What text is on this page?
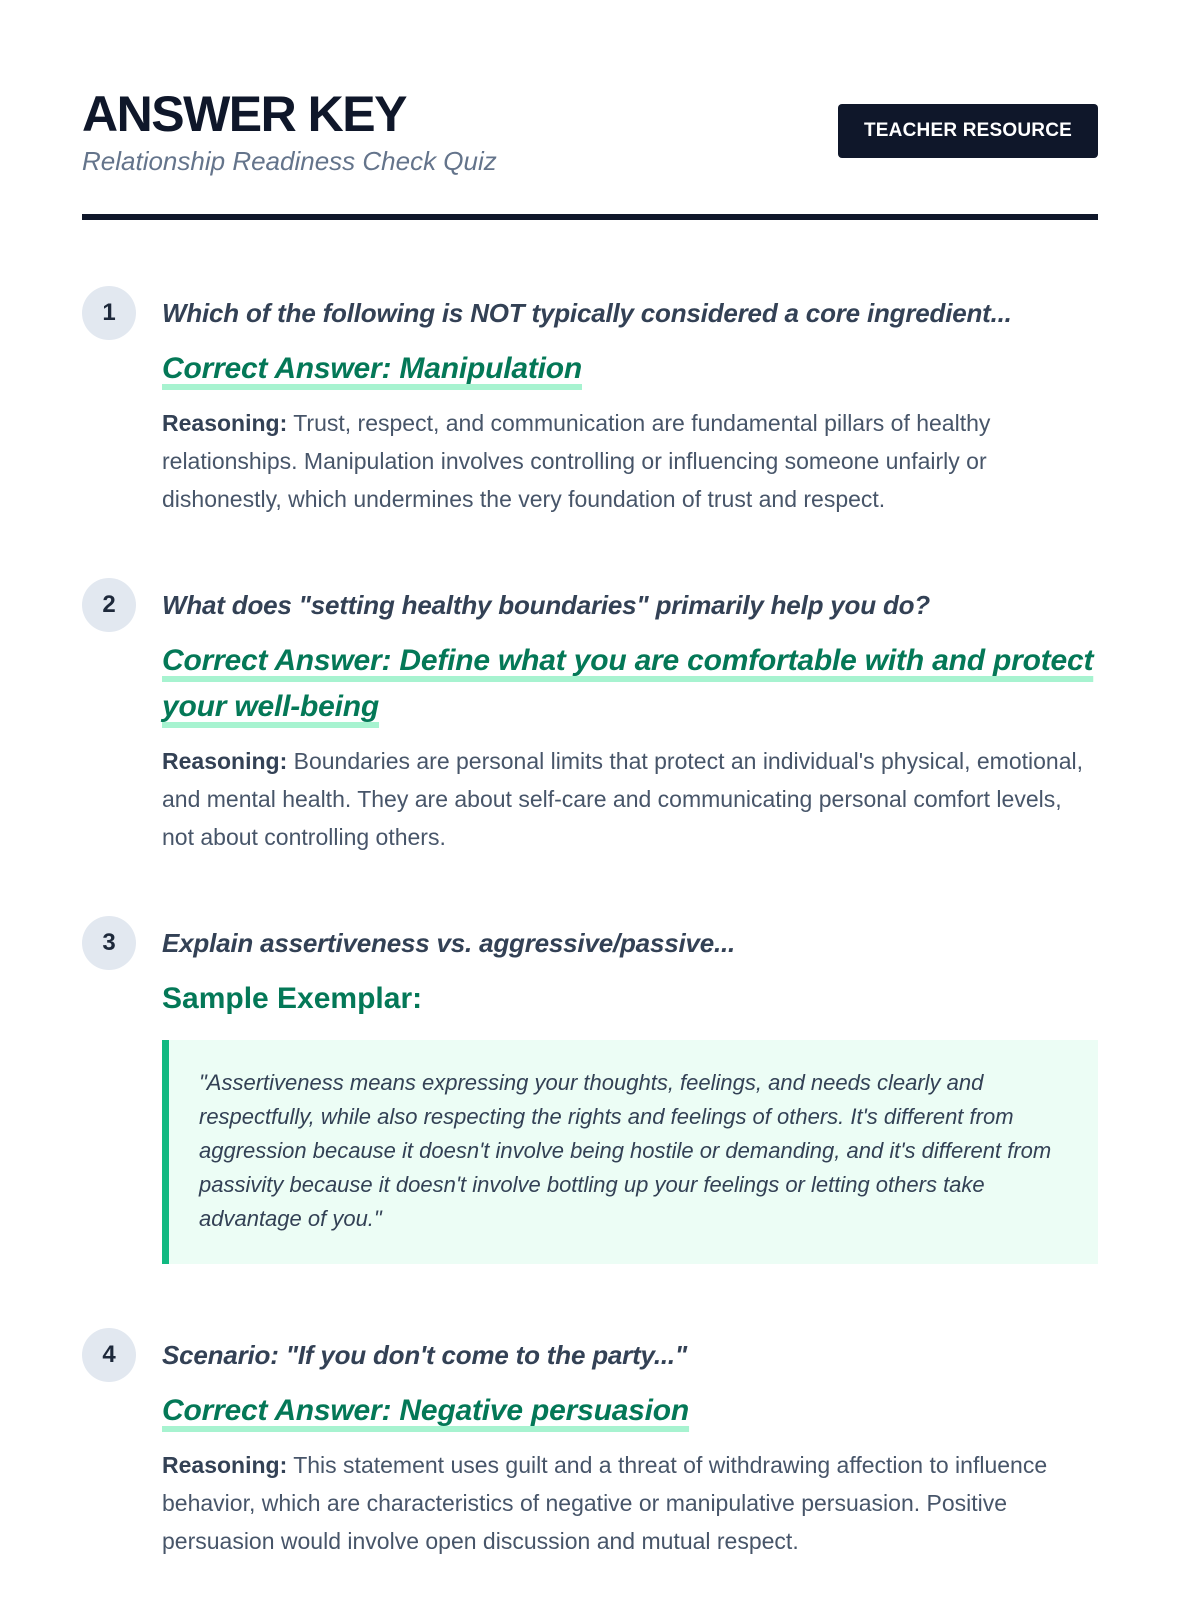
ANSWER KEY
Relationship Readiness Check Quiz
TEACHER RESOURCE
1	Which of the following is NOT typically considered a core ingredient...
Correct Answer: Manipulation
Reasoning: Trust, respect, and communication are fundamental pillars of healthy relationships. Manipulation involves controlling or influencing someone unfairly or dishonestly, which undermines the very foundation of trust and respect.
2	What does "setting healthy boundaries" primarily help you do?
Correct Answer: Define what you are comfortable with and protect your well-being
Reasoning: Boundaries are personal limits that protect an individual's physical, emotional, and mental health. They are about self-care and communicating personal comfort levels, not about controlling others.
3	Explain assertiveness vs. aggressive/passive...
Sample Exemplar:
"Assertiveness means expressing your thoughts, feelings, and needs clearly and respectfully, while also respecting the rights and feelings of others. It's different from aggression because it doesn't involve being hostile or demanding, and it's different from passivity because it doesn't involve bottling up your feelings or letting others take advantage of you."
4	Scenario: "If you don't come to the party..."
Correct Answer: Negative persuasion
Reasoning: This statement uses guilt and a threat of withdrawing affection to influence behavior, which are characteristics of negative or manipulative persuasion. Positive persuasion would involve open discussion and mutual respect.
